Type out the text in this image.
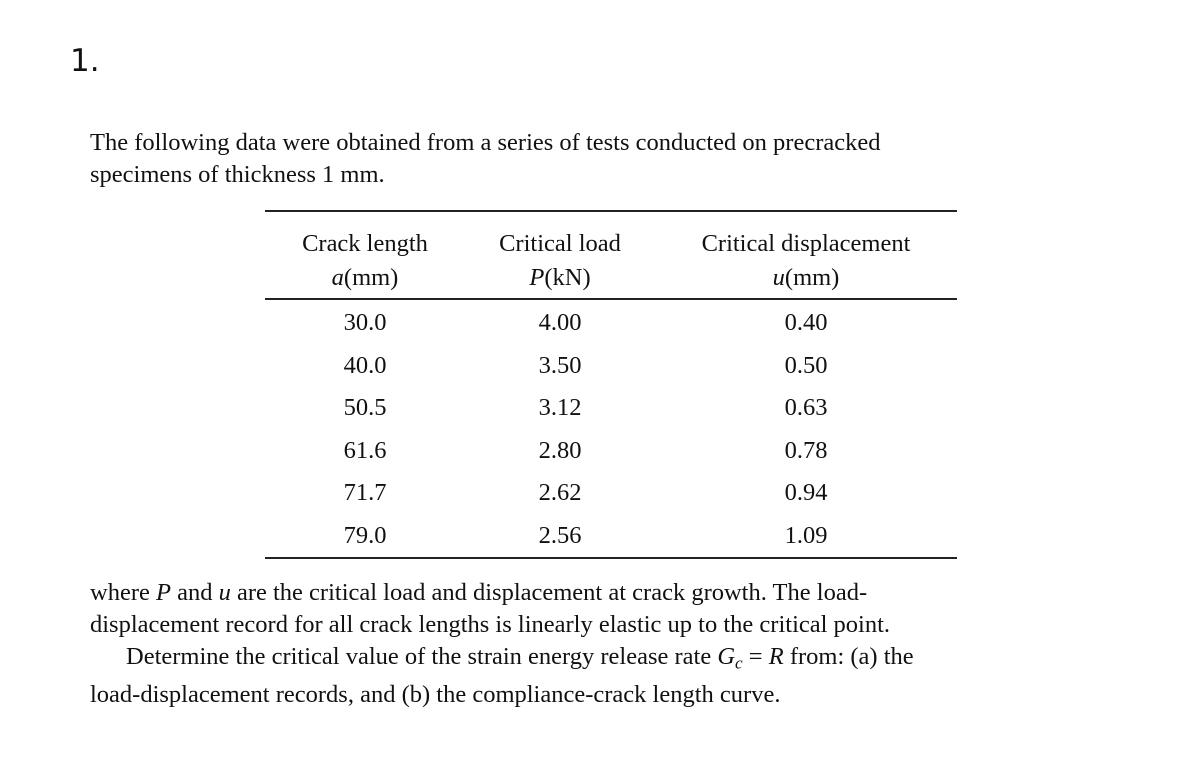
1.

The following data were obtained from a series of tests conducted on precracked
specimens of thickness 1 mm.

Crack length	Critical load	Critical displacement
a(mm)	P(kN)	u(mm)
30.0	4.00	0.40
40.0	3.50	0.50
50.5	3.12	0.63
61.6	2.80	0.78
71.7	2.62	0.94
79.0	2.56	1.09

where P and u are the critical load and displacement at crack growth. The load-
displacement record for all crack lengths is linearly elastic up to the critical point.
Determine the critical value of the strain energy release rate $G_c = R$ from: (a) the
load-displacement records, and (b) the compliance-crack length curve.
